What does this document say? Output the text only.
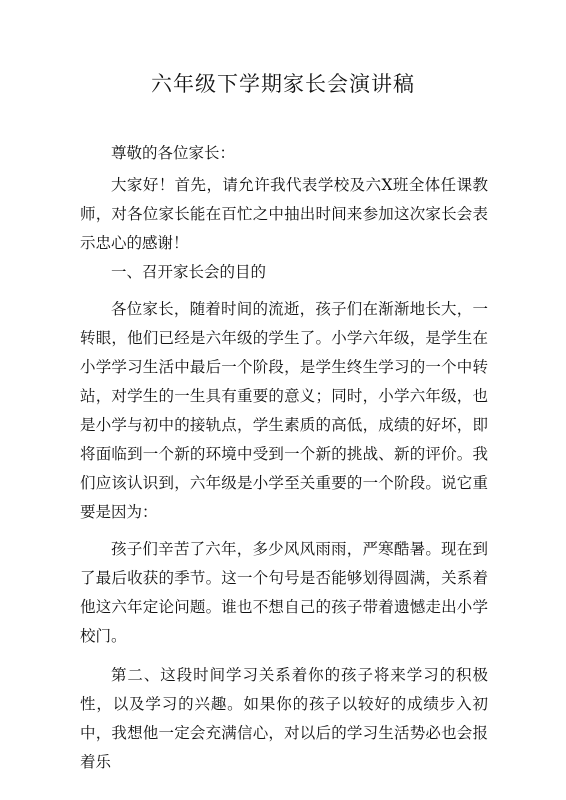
六年级下学期家长会演讲稿

尊敬的各位家长：

大家好！首先，请允许我代表学校及六Ⅹ班全体任课教师，对各位家长能在百忙之中抽出时间来参加这次家长会表示忠心的感谢！

一、召开家长会的目的

各位家长，随着时间的流逝，孩子们在渐渐地长大，一转眼，他们已经是六年级的学生了。小学六年级，是学生在小学学习生活中最后一个阶段，是学生终生学习的一个中转站，对学生的一生具有重要的意义；同时，小学六年级，也是小学与初中的接轨点，学生素质的高低，成绩的好坏，即将面临到一个新的环境中受到一个新的挑战、新的评价。我们应该认识到，六年级是小学至关重要的一个阶段。说它重要是因为：

孩子们辛苦了六年，多少风风雨雨，严寒酷暑。现在到了最后收获的季节。这一个句号是否能够划得圆满，关系着他这六年定论问题。谁也不想自己的孩子带着遗憾走出小学校门。

第二、这段时间学习关系着你的孩子将来学习的积极性，以及学习的兴趣。如果你的孩子以较好的成绩步入初中，我想他一定会充满信心，对以后的学习生活势必也会报着乐
